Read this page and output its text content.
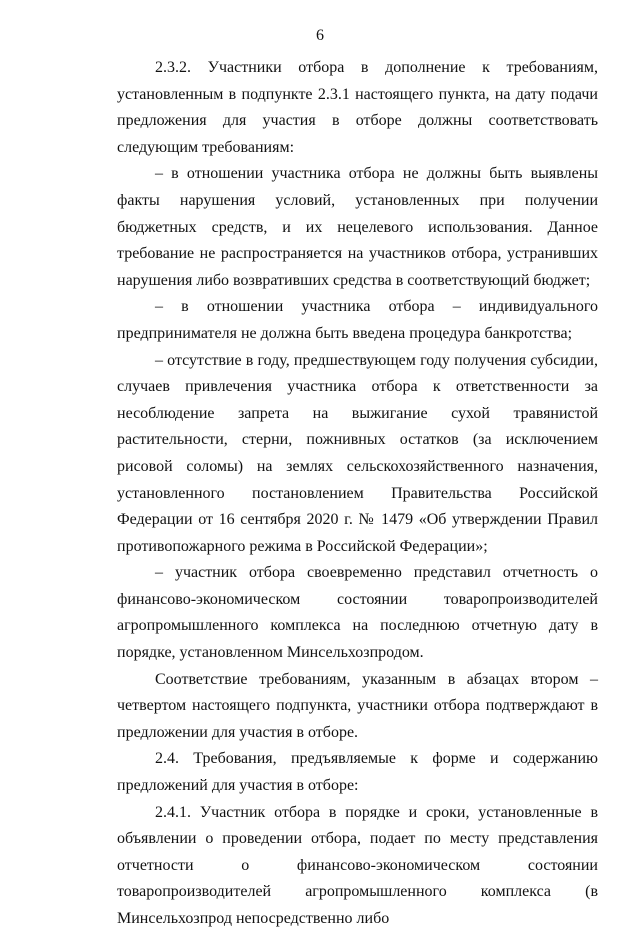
6

2.3.2. Участники отбора в дополнение к требованиям, установленным в подпункте 2.3.1 настоящего пункта, на дату подачи предложения для участия в отборе должны соответствовать следующим требованиям:

– в отношении участника отбора не должны быть выявлены факты нарушения условий, установленных при получении бюджетных средств, и их нецелевого использования. Данное требование не распространяется на участников отбора, устранивших нарушения либо возвративших средства в соответствующий бюджет;

– в отношении участника отбора – индивидуального предпринимателя не должна быть введена процедура банкротства;

– отсутствие в году, предшествующем году получения субсидии, случаев привлечения участника отбора к ответственности за несоблюдение запрета на выжигание сухой травянистой растительности, стерни, пожнивных остатков (за исключением рисовой соломы) на землях сельскохозяйственного назначения, установленного постановлением Правительства Российской Федерации от 16 сентября 2020 г. № 1479 «Об утверждении Правил противопожарного режима в Российской Федерации»;

– участник отбора своевременно представил отчетность о финансово-экономическом состоянии товаропроизводителей агропромышленного комплекса на последнюю отчетную дату в порядке, установленном Минсельхозпродом.

Соответствие требованиям, указанным в абзацах втором – четвертом настоящего подпункта, участники отбора подтверждают в предложении для участия в отборе.

2.4. Требования, предъявляемые к форме и содержанию предложений для участия в отборе:

2.4.1. Участник отбора в порядке и сроки, установленные в объявлении о проведении отбора, подает по месту представления отчетности о финансово-экономическом состоянии товаропроизводителей агропромышленного комплекса (в Минсельхозпрод непосредственно либо
